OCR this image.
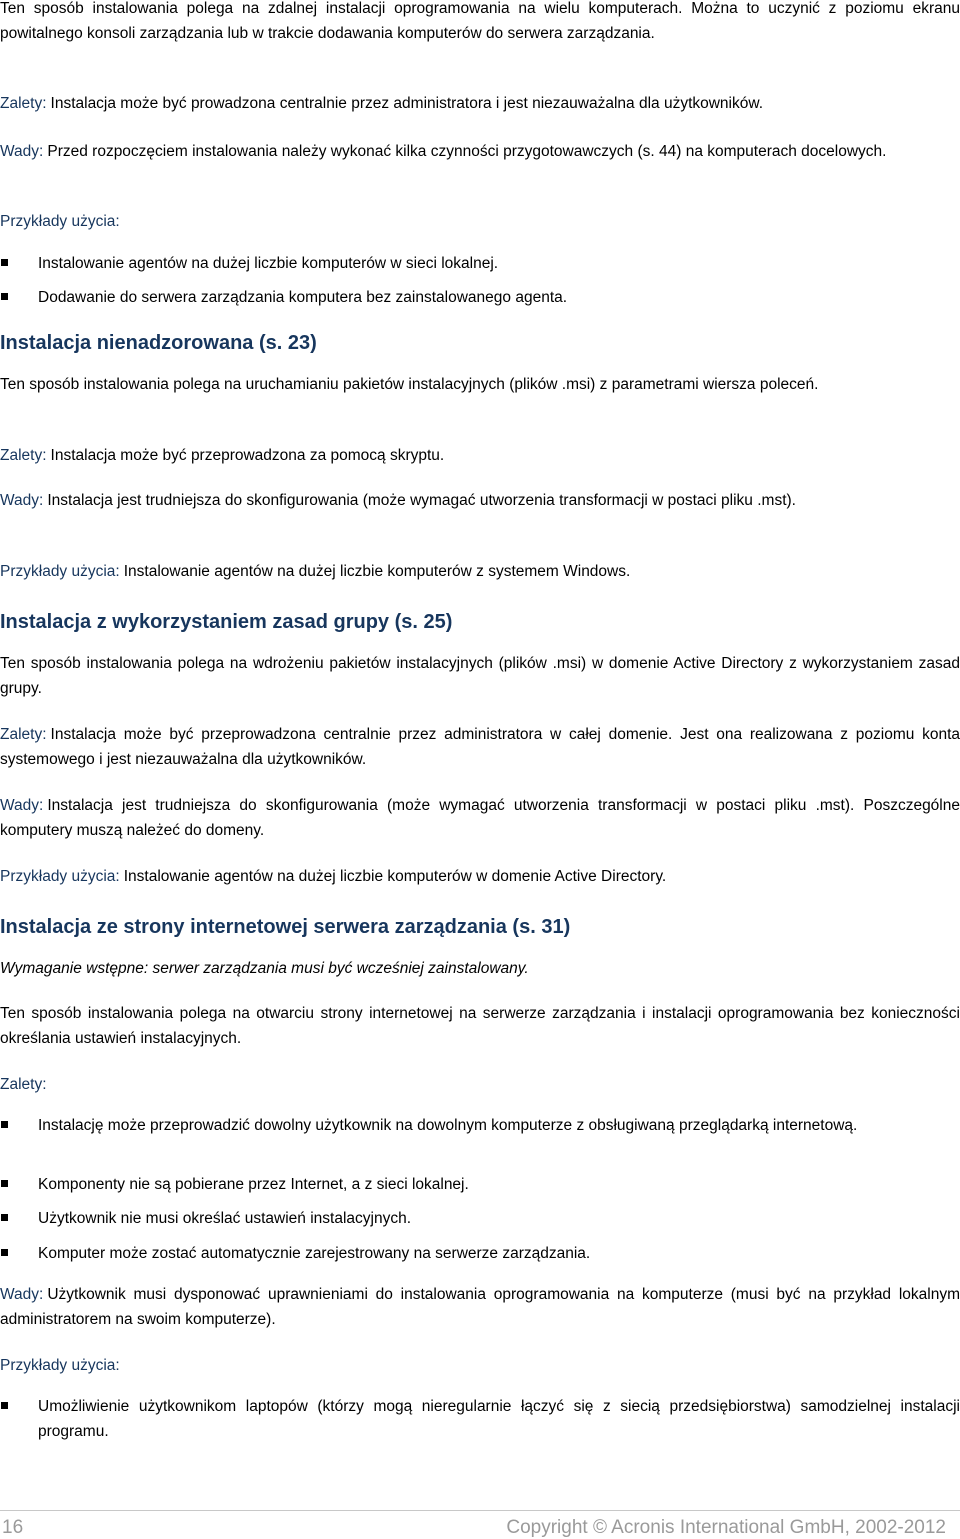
Ten sposób instalowania polega na zdalnej instalacji oprogramowania na wielu komputerach. Można to uczynić z poziomu ekranu powitalnego konsoli zarządzania lub w trakcie dodawania komputerów do serwera zarządzania.

Zalety: Instalacja może być prowadzona centralnie przez administratora i jest niezauważalna dla użytkowników.

Wady: Przed rozpoczęciem instalowania należy wykonać kilka czynności przygotowawczych (s. 44) na komputerach docelowych.

Przykłady użycia:

Instalowanie agentów na dużej liczbie komputerów w sieci lokalnej.
Dodawanie do serwera zarządzania komputera bez zainstalowanego agenta.
Instalacja nienadzorowana (s. 23)

Ten sposób instalowania polega na uruchamianiu pakietów instalacyjnych (plików .msi) z parametrami wiersza poleceń.

Zalety: Instalacja może być przeprowadzona za pomocą skryptu.

Wady: Instalacja jest trudniejsza do skonfigurowania (może wymagać utworzenia transformacji w postaci pliku .mst).

Przykłady użycia: Instalowanie agentów na dużej liczbie komputerów z systemem Windows.

Instalacja z wykorzystaniem zasad grupy (s. 25)

Ten sposób instalowania polega na wdrożeniu pakietów instalacyjnych (plików .msi) w domenie Active Directory z wykorzystaniem zasad grupy.

Zalety: Instalacja może być przeprowadzona centralnie przez administratora w całej domenie. Jest ona realizowana z poziomu konta systemowego i jest niezauważalna dla użytkowników.

Wady: Instalacja jest trudniejsza do skonfigurowania (może wymagać utworzenia transformacji w postaci pliku .mst). Poszczególne komputery muszą należeć do domeny.

Przykłady użycia: Instalowanie agentów na dużej liczbie komputerów w domenie Active Directory.

Instalacja ze strony internetowej serwera zarządzania (s. 31)

Wymaganie wstępne: serwer zarządzania musi być wcześniej zainstalowany.

Ten sposób instalowania polega na otwarciu strony internetowej na serwerze zarządzania i instalacji oprogramowania bez konieczności określania ustawień instalacyjnych.

Zalety:

Instalację może przeprowadzić dowolny użytkownik na dowolnym komputerze z obsługiwaną przeglądarką internetową.
Komponenty nie są pobierane przez Internet, a z sieci lokalnej.
Użytkownik nie musi określać ustawień instalacyjnych.
Komputer może zostać automatycznie zarejestrowany na serwerze zarządzania.

Wady: Użytkownik musi dysponować uprawnieniami do instalowania oprogramowania na komputerze (musi być na przykład lokalnym administratorem na swoim komputerze).

Przykłady użycia:

Umożliwienie użytkownikom laptopów (którzy mogą nieregularnie łączyć się z siecią przedsiębiorstwa) samodzielnej instalacji programu.
16	Copyright © Acronis International GmbH, 2002-2012
